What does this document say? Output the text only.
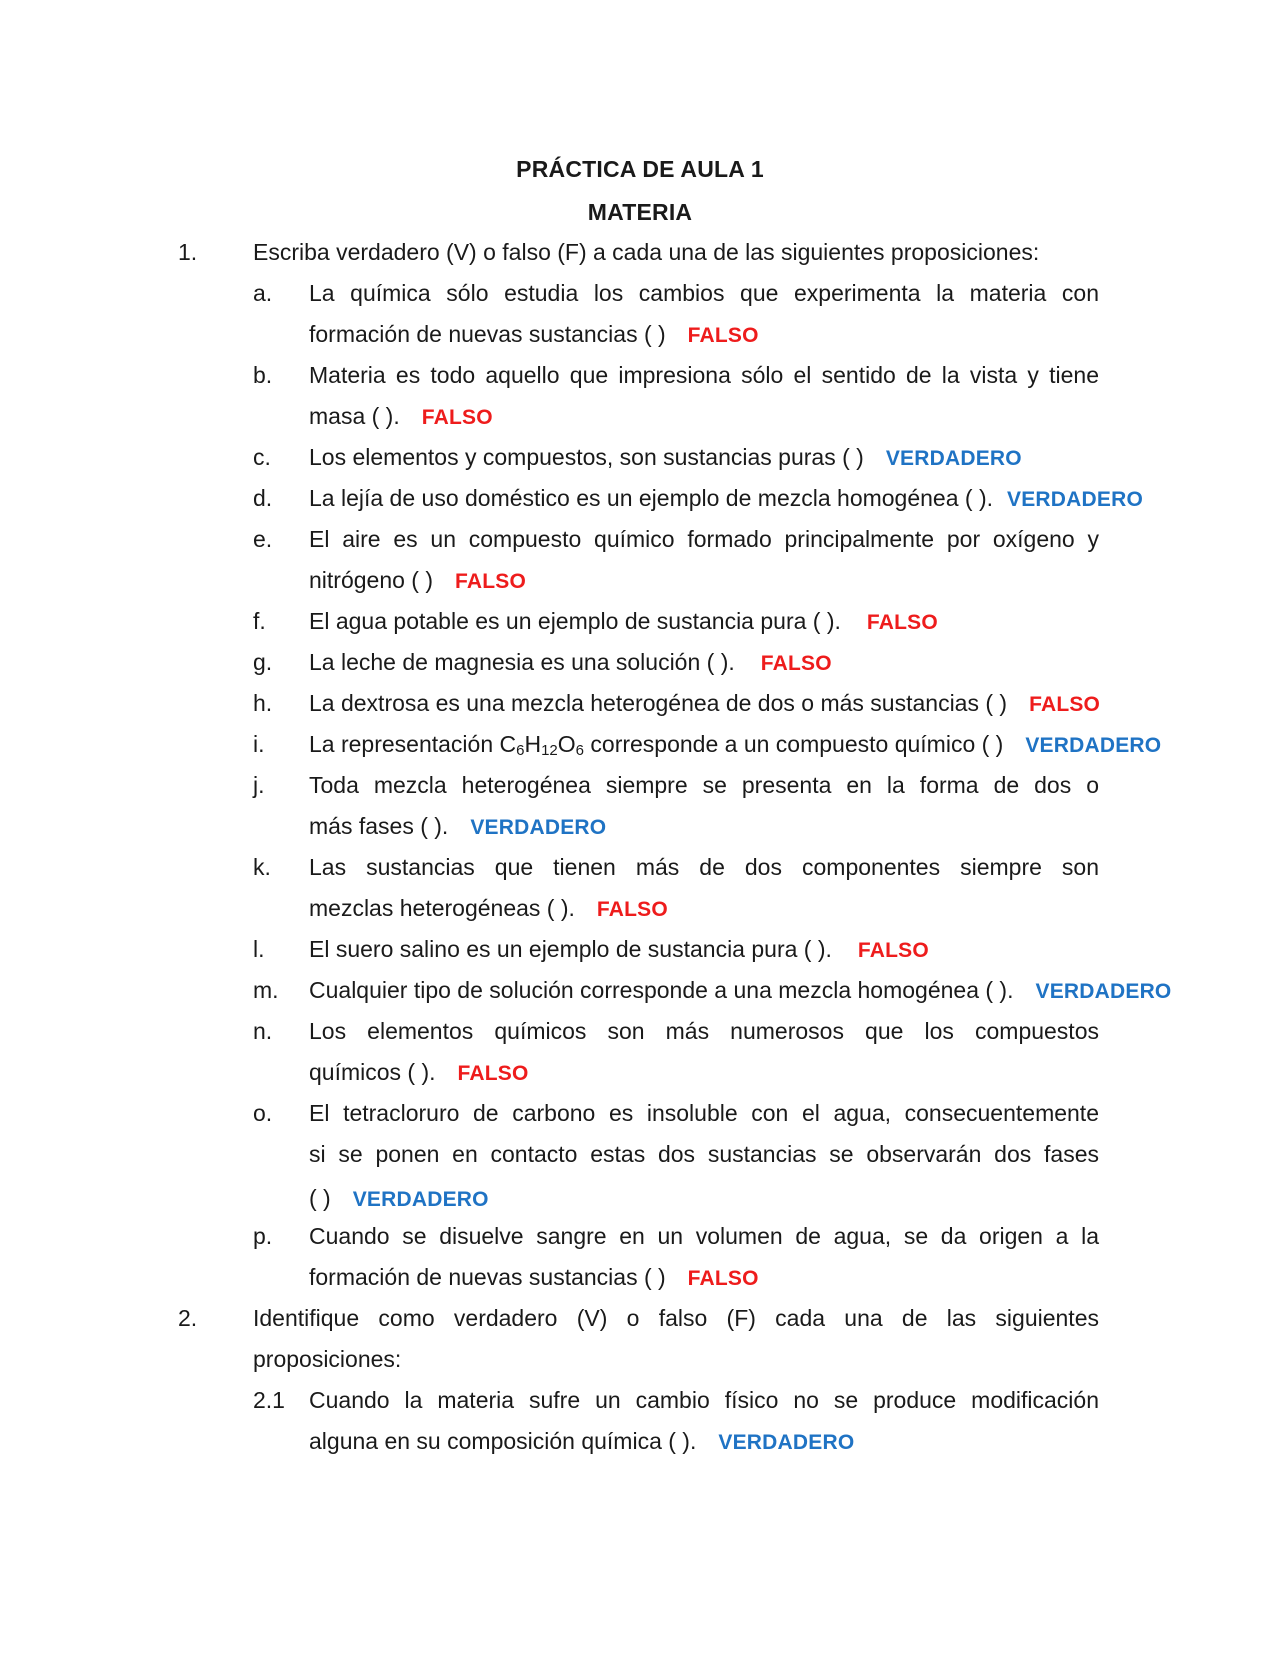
PRÁCTICA DE AULA 1
MATERIA
1. Escriba verdadero (V) o falso (F) a cada una de las siguientes proposiciones:
a. La química sólo estudia los cambios que experimenta la materia con
formación de nuevas sustancias ( ) FALSO
b. Materia es todo aquello que impresiona sólo el sentido de la vista y tiene
masa ( ). FALSO
c. Los elementos y compuestos, son sustancias puras ( ) VERDADERO
d. La lejía de uso doméstico es un ejemplo de mezcla homogénea ( ). VERDADERO
e. El aire es un compuesto químico formado principalmente por oxígeno y
nitrógeno ( ) FALSO
f. El agua potable es un ejemplo de sustancia pura ( ). FALSO
g. La leche de magnesia es una solución ( ). FALSO
h. La dextrosa es una mezcla heterogénea de dos o más sustancias ( ) FALSO
i. La representación $C_6H_{12}O_6$ corresponde a un compuesto químico ( ) VERDADERO
j. Toda mezcla heterogénea siempre se presenta en la forma de dos o
más fases ( ). VERDADERO
k. Las sustancias que tienen más de dos componentes siempre son
mezclas heterogéneas ( ). FALSO
l. El suero salino es un ejemplo de sustancia pura ( ). FALSO
m. Cualquier tipo de solución corresponde a una mezcla homogénea ( ). VERDADERO
n. Los elementos químicos son más numerosos que los compuestos
químicos ( ). FALSO
o. El tetracloruro de carbono es insoluble con el agua, consecuentemente
si se ponen en contacto estas dos sustancias se observarán dos fases
( ) VERDADERO
p. Cuando se disuelve sangre en un volumen de agua, se da origen a la
formación de nuevas sustancias ( ) FALSO
2. Identifique como verdadero (V) o falso (F) cada una de las siguientes
proposiciones:
2.1 Cuando la materia sufre un cambio físico no se produce modificación
alguna en su composición química ( ). VERDADERO
